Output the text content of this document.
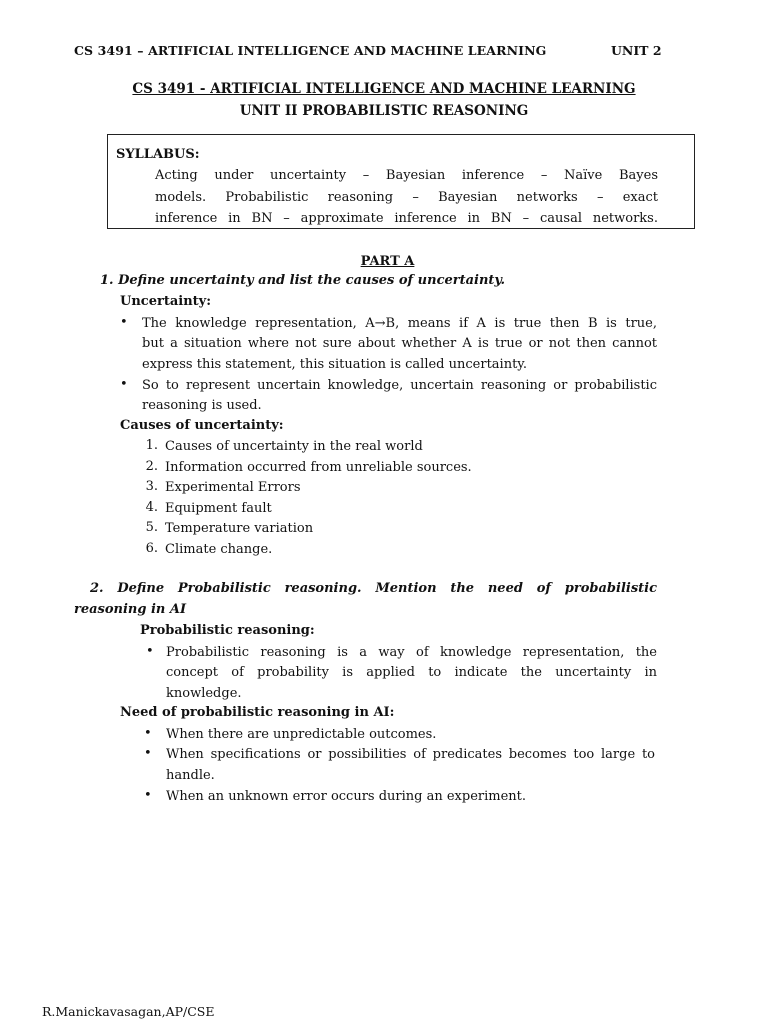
CS 3491 – ARTIFICIAL INTELLIGENCE AND MACHINE LEARNING	UNIT 2
CS 3491 - ARTIFICIAL INTELLIGENCE AND MACHINE LEARNING
UNIT II PROBABILISTIC REASONING
SYLLABUS:
Acting under uncertainty – Bayesian inference – Naïve Bayes
models. Probabilistic reasoning – Bayesian networks – exact
inference in BN – approximate inference in BN – causal networks.
PART A
1. Define uncertainty and list the causes of uncertainty.
Uncertainty:
• The knowledge representation, A→B, means if A is true then B is true,
but a situation where not sure about whether A is true or not then cannot
express this statement, this situation is called uncertainty.
• So to represent uncertain knowledge, uncertain reasoning or probabilistic
reasoning is used.
Causes of uncertainty:
1. Causes of uncertainty in the real world
2. Information occurred from unreliable sources.
3. Experimental Errors
4. Equipment fault
5. Temperature variation
6. Climate change.
2. Define Probabilistic reasoning. Mention the need of probabilistic
reasoning in AI
Probabilistic reasoning:
• Probabilistic reasoning is a way of knowledge representation, the
concept of probability is applied to indicate the uncertainty in
knowledge.
Need of probabilistic reasoning in AI:
• When there are unpredictable outcomes.
• When specifications or possibilities of predicates becomes too large to
handle.
• When an unknown error occurs during an experiment.
R.Manickavasagan,AP/CSE
